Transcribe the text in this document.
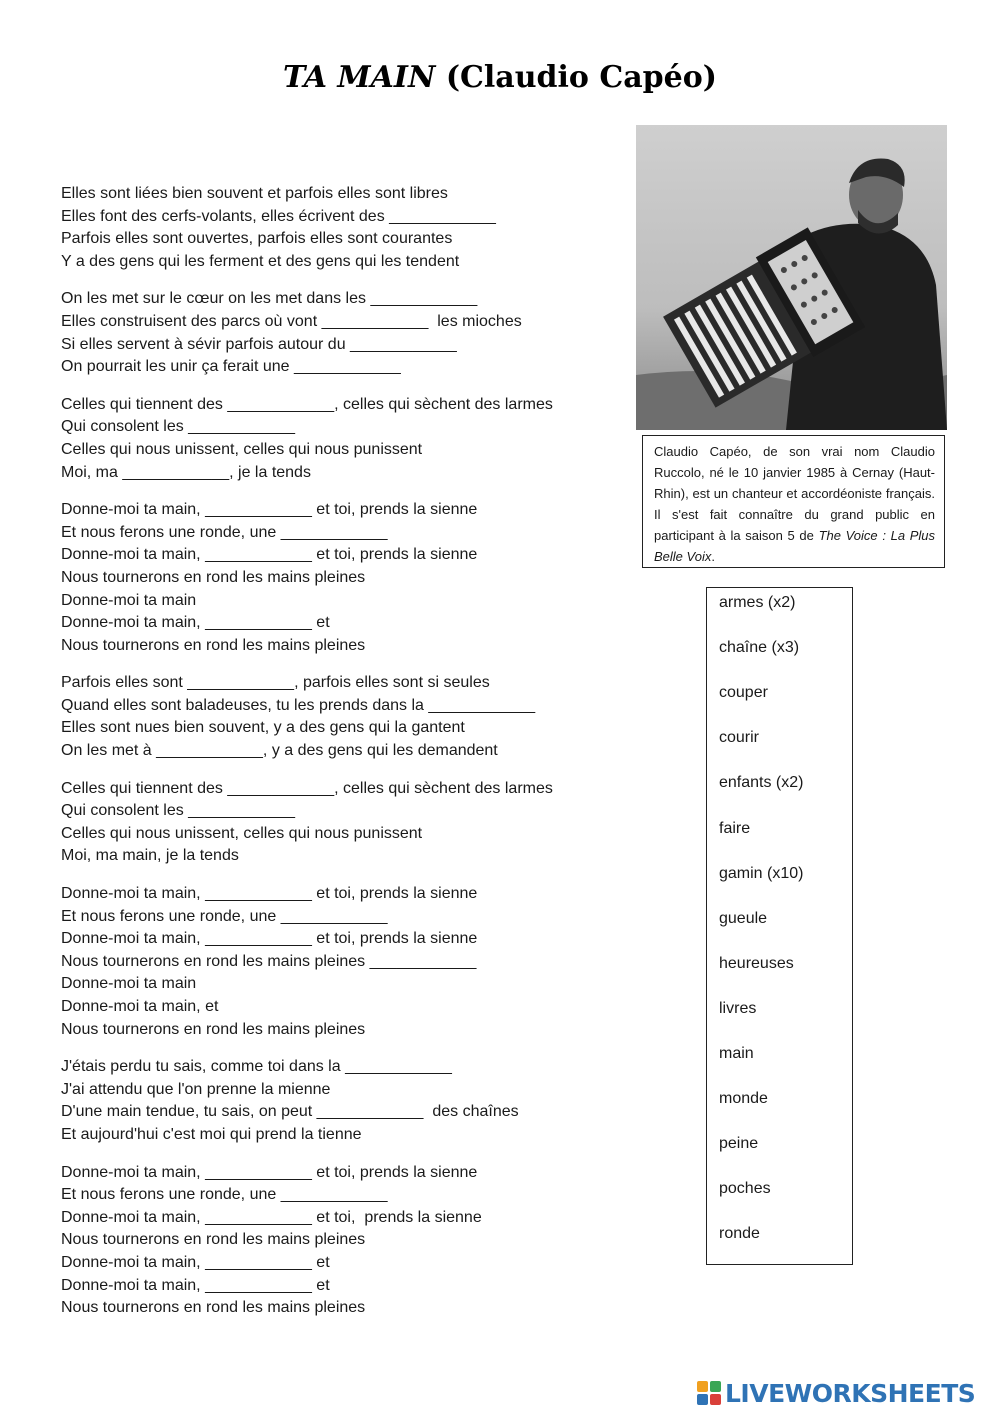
TA MAIN (Claudio Capéo)
Elles sont liées bien souvent et parfois elles sont libres
Elles font des cerfs-volants, elles écrivent des ____________
Parfois elles sont ouvertes, parfois elles sont courantes
Y a des gens qui les ferment et des gens qui les tendent
On les met sur le cœur on les met dans les ____________
Elles construisent des parcs où vont ____________  les mioches
Si elles servent à sévir parfois autour du ____________
On pourrait les unir ça ferait une ____________
Celles qui tiennent des ____________, celles qui sèchent des larmes
Qui consolent les ____________
Celles qui nous unissent, celles qui nous punissent
Moi, ma ____________, je la tends
Donne-moi ta main, ____________ et toi, prends la sienne
Et nous ferons une ronde, une ____________
Donne-moi ta main, ____________ et toi, prends la sienne
Nous tournerons en rond les mains pleines
Donne-moi ta main
Donne-moi ta main, ____________ et
Nous tournerons en rond les mains pleines
Parfois elles sont ____________, parfois elles sont si seules
Quand elles sont baladeuses, tu les prends dans la ____________
Elles sont nues bien souvent, y a des gens qui la gantent
On les met à ____________, y a des gens qui les demandent
Celles qui tiennent des ____________, celles qui sèchent des larmes
Qui consolent les ____________
Celles qui nous unissent, celles qui nous punissent
Moi, ma main, je la tends
Donne-moi ta main, ____________ et toi, prends la sienne
Et nous ferons une ronde, une ____________
Donne-moi ta main, ____________ et toi, prends la sienne
Nous tournerons en rond les mains pleines ____________
Donne-moi ta main
Donne-moi ta main, et
Nous tournerons en rond les mains pleines
J'étais perdu tu sais, comme toi dans la ____________
J'ai attendu que l'on prenne la mienne
D'une main tendue, tu sais, on peut ____________  des chaînes
Et aujourd'hui c'est moi qui prend la tienne
Donne-moi ta main, ____________ et toi, prends la sienne
Et nous ferons une ronde, une ____________
Donne-moi ta main, ____________ et toi,  prends la sienne
Nous tournerons en rond les mains pleines
Donne-moi ta main, ____________ et
Donne-moi ta main, ____________ et
Nous tournerons en rond les mains pleines
Claudio Capéo, de son vrai nom Claudio Ruccolo, né le 10 janvier 1985 à Cernay (Haut-Rhin), est un chanteur et accordéoniste français. Il s'est fait connaître du grand public en participant à la saison 5 de The Voice : La Plus Belle Voix.
armes (x2)
chaîne (x3)
couper
courir
enfants (x2)
faire
gamin (x10)
gueule
heureuses
livres
main
monde
peine
poches
ronde
LIVEWORKSHEETS
